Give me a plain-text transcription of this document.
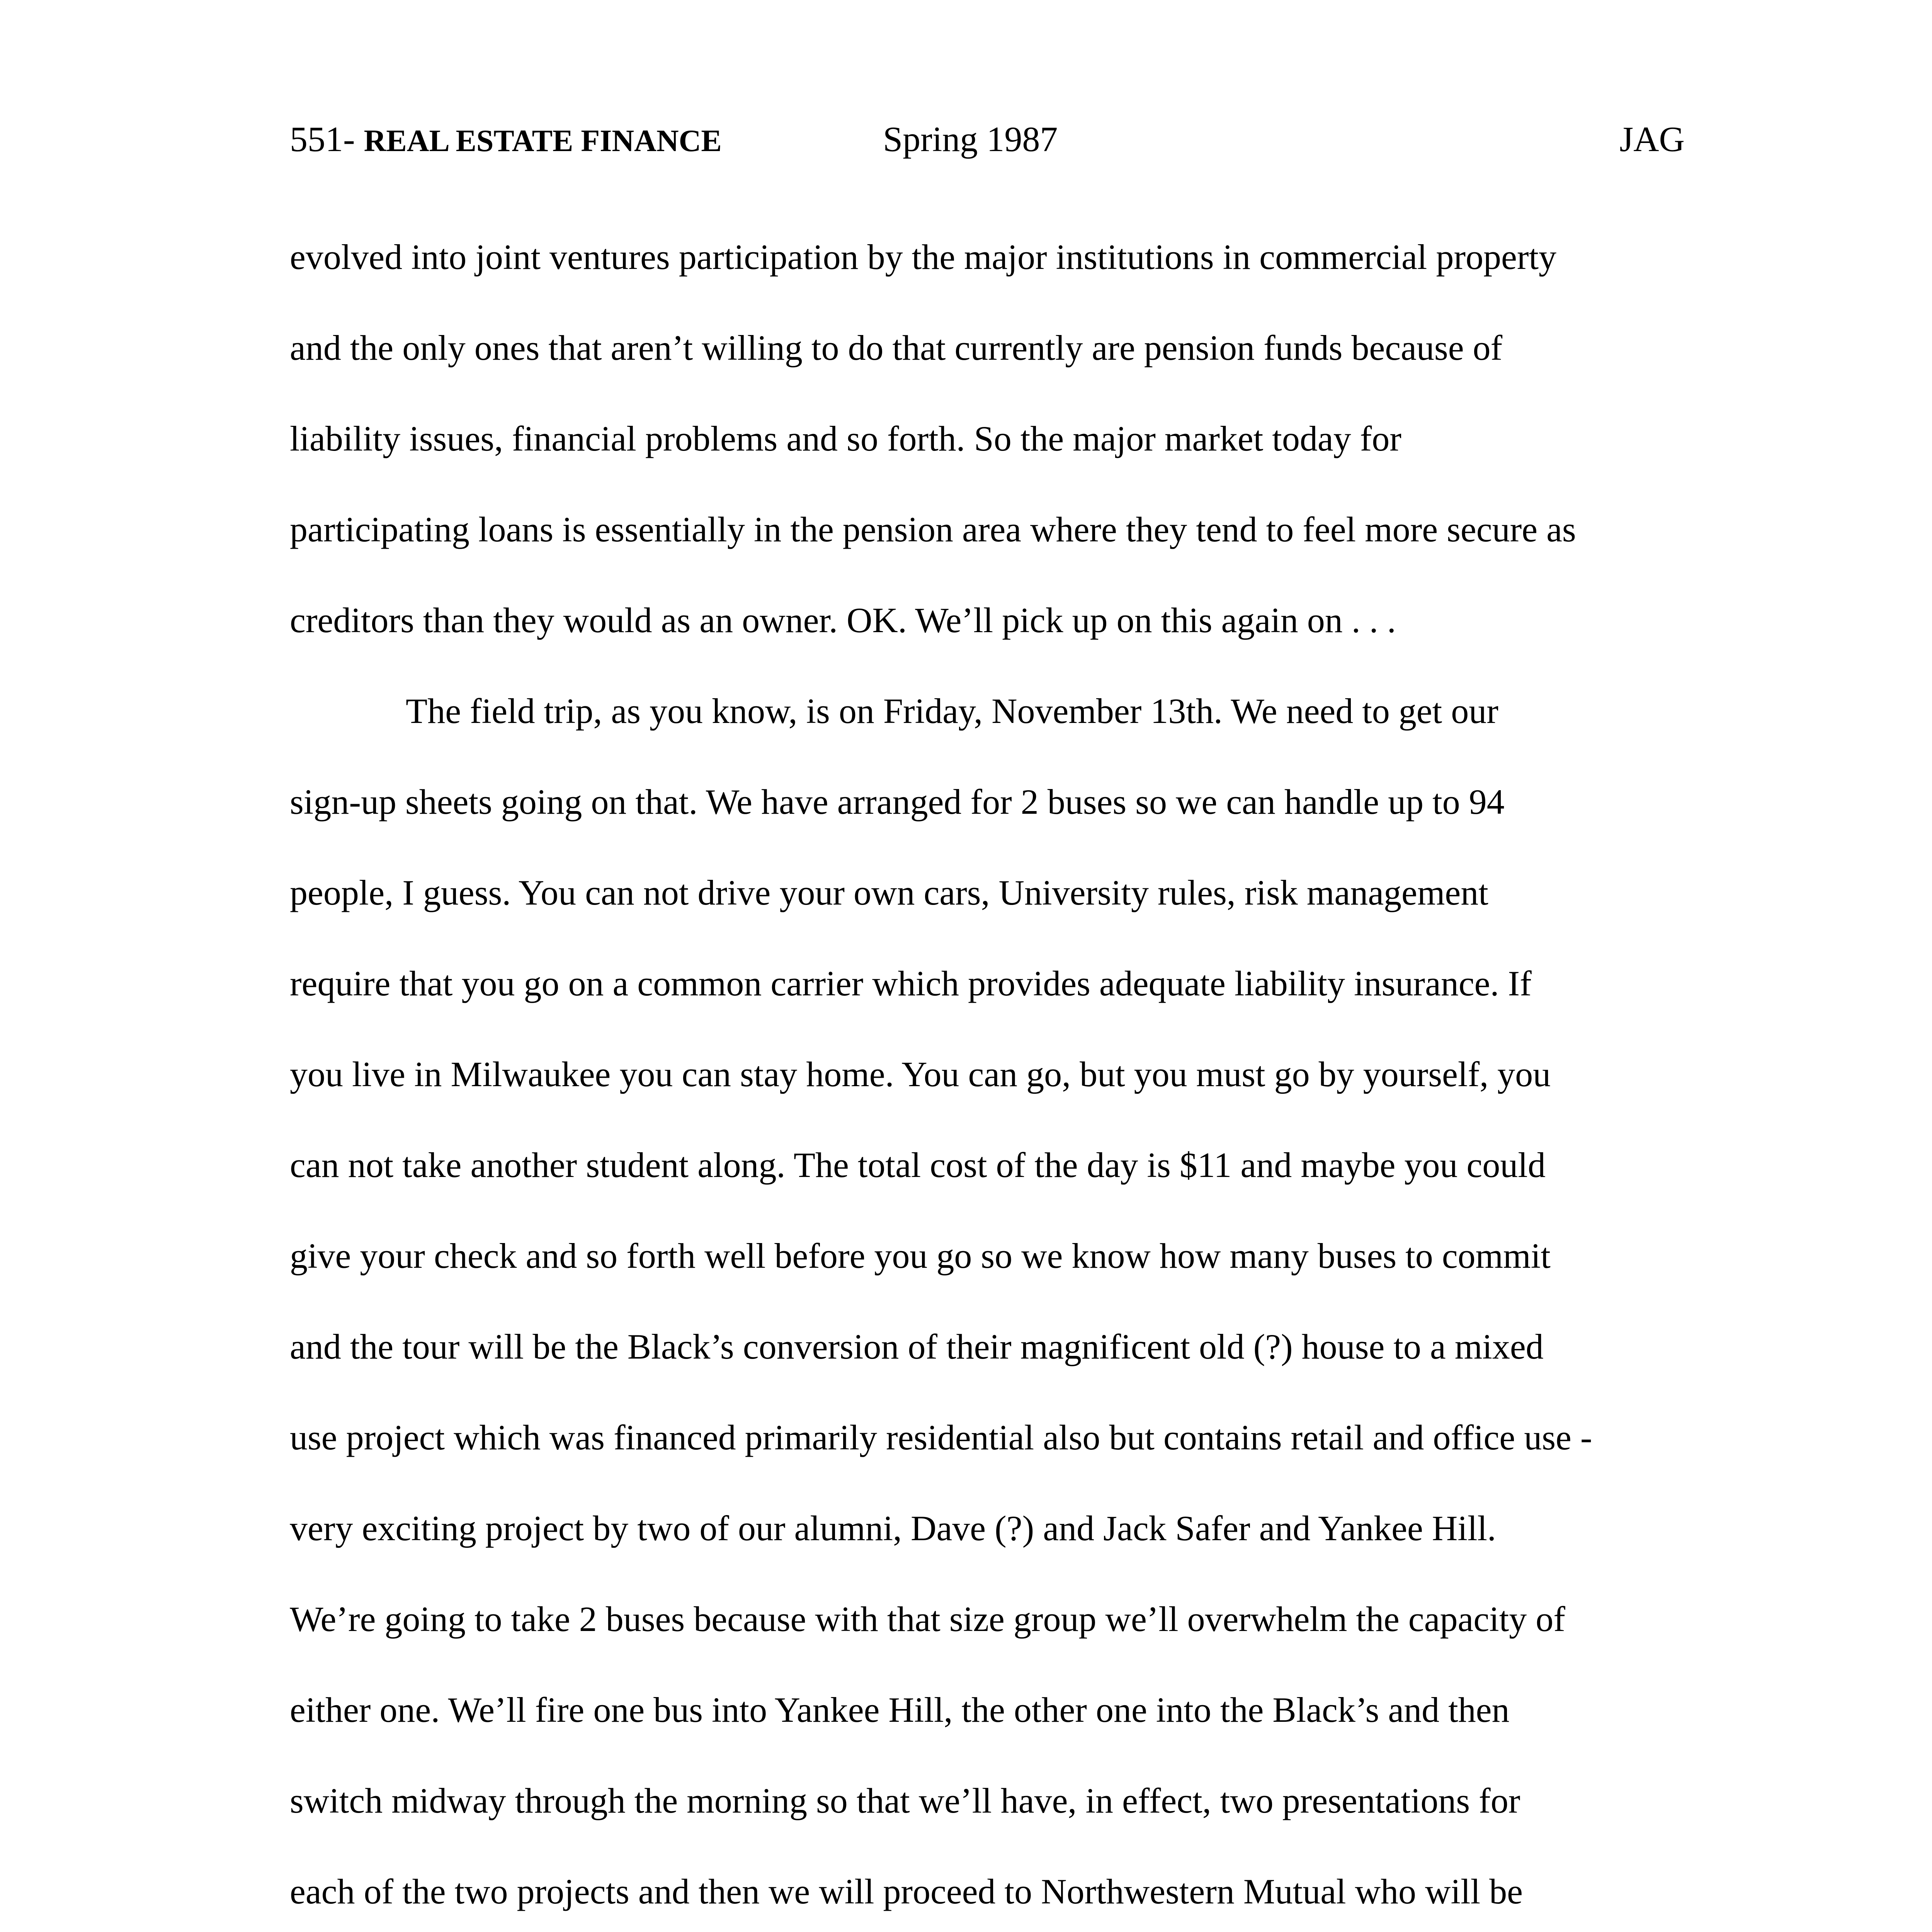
551- REAL ESTATE FINANCE	Spring 1987	JAG
evolved into joint ventures participation by the major institutions in commercial property
and the only ones that aren’t willing to do that currently are pension funds because of
liability issues, financial problems and so forth. So the major market today for
participating loans is essentially in the pension area where they tend to feel more secure as
creditors than they would as an owner. OK. We’ll pick up on this again on . . .
The field trip, as you know, is on Friday, November 13th. We need to get our
sign-up sheets going on that. We have arranged for 2 buses so we can handle up to 94
people, I guess. You can not drive your own cars, University rules, risk management
require that you go on a common carrier which provides adequate liability insurance. If
you live in Milwaukee you can stay home. You can go, but you must go by yourself, you
can not take another student along. The total cost of the day is $11 and maybe you could
give your check and so forth well before you go so we know how many buses to commit
and the tour will be the Black’s conversion of their magnificent old (?) house to a mixed
use project which was financed primarily residential also but contains retail and office use -
very exciting project by two of our alumni, Dave (?) and Jack Safer and Yankee Hill.
We’re going to take 2 buses because with that size group we’ll overwhelm the capacity of
either one. We’ll fire one bus into Yankee Hill, the other one into the Black’s and then
switch midway through the morning so that we’ll have, in effect, two presentations for
each of the two projects and then we will proceed to Northwestern Mutual who will be
